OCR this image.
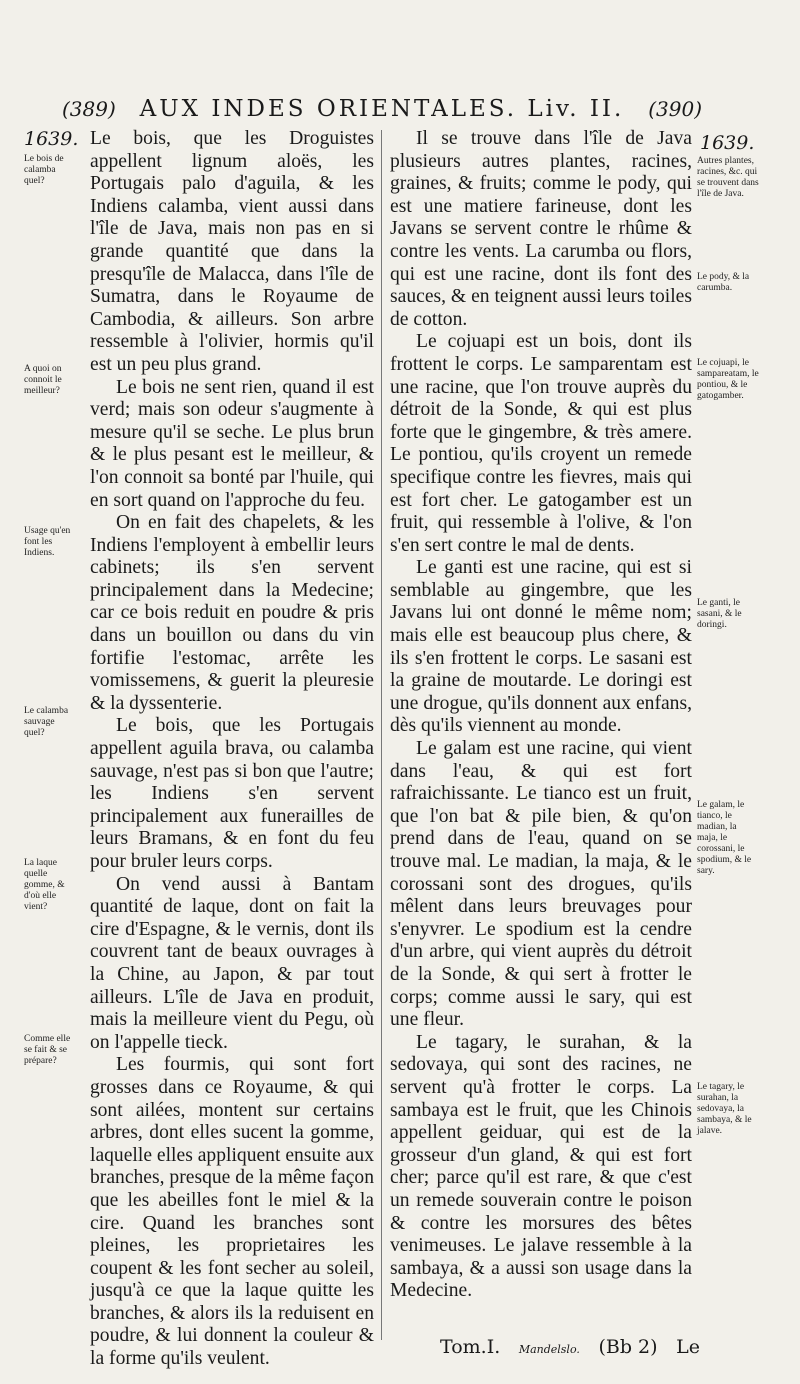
(389) AUX INDES ORIENTALES. Liv. II. (390)
1639.	1639.
Le bois de calamba quel?
A quoi on connoit le meilleur?
Usage qu'en font les Indiens.
Le calamba sauvage quel?
La laque quelle gomme, & d'où elle vient?
Comme elle se fait & se prépare?
Autres plantes, racines, &c. qui se trouvent dans l'île de Java.
Le pody, & la carumba.
Le cojuapi, le sampareatam, le pontiou, & le gatogamber.
Le ganti, le sasani, & le doringi.
Le galam, le tianco, le madian, la maja, le corossani, le spodium, & le sary.
Le tagary, le surahan, la sedovaya, la sambaya, & le jalave.

Le bois, que les Droguistes appellent lignum aloës, les Portugais palo d'aguila, & les Indiens calamba, vient aussi dans l'île de Java, mais non pas en si grande quantité que dans la presqu'île de Malacca, dans l'île de Sumatra, dans le Royaume de Cambodia, & ailleurs. Son arbre ressemble à l'olivier, hormis qu'il est un peu plus grand.

Le bois ne sent rien, quand il est verd; mais son odeur s'augmente à mesure qu'il se seche. Le plus brun & le plus pesant est le meilleur, & l'on connoit sa bonté par l'huile, qui en sort quand on l'approche du feu.

On en fait des chapelets, & les Indiens l'employent à embellir leurs cabinets; ils s'en servent principalement dans la Medecine; car ce bois reduit en poudre & pris dans un bouillon ou dans du vin fortifie l'estomac, arrête les vomissemens, & guerit la pleuresie & la dyssenterie.

Le bois, que les Portugais appellent aguila brava, ou calamba sauvage, n'est pas si bon que l'autre; les Indiens s'en servent principalement aux funerailles de leurs Bramans, & en font du feu pour bruler leurs corps.

On vend aussi à Bantam quantité de laque, dont on fait la cire d'Espagne, & le vernis, dont ils couvrent tant de beaux ouvrages à la Chine, au Japon, & par tout ailleurs. L'île de Java en produit, mais la meilleure vient du Pegu, où on l'appelle tieck.

Les fourmis, qui sont fort grosses dans ce Royaume, & qui sont ailées, montent sur certains arbres, dont elles sucent la gomme, laquelle elles appliquent ensuite aux branches, presque de la même façon que les abeilles font le miel & la cire. Quand les branches sont pleines, les proprietaires les coupent & les font secher au soleil, jusqu'à ce que la laque quitte les branches, & alors ils la reduisent en poudre, & lui donnent la couleur & la forme qu'ils veulent.

Il se trouve dans l'île de Java plusieurs autres plantes, racines, graines, & fruits; comme le pody, qui est une matiere farineuse, dont les Javans se servent contre le rhûme & contre les vents. La carumba ou flors, qui est une racine, dont ils font des sauces, & en teignent aussi leurs toiles de cotton.

Le cojuapi est un bois, dont ils frottent le corps. Le samparentam est une racine, que l'on trouve auprès du détroit de la Sonde, & qui est plus forte que le gingembre, & très amere. Le pontiou, qu'ils croyent un remede specifique contre les fievres, mais qui est fort cher. Le gatogamber est un fruit, qui ressemble à l'olive, & l'on s'en sert contre le mal de dents.

Le ganti est une racine, qui est si semblable au gingembre, que les Javans lui ont donné le même nom; mais elle est beaucoup plus chere, & ils s'en frottent le corps. Le sasani est la graine de moutarde. Le doringi est une drogue, qu'ils donnent aux enfans, dès qu'ils viennent au monde.

Le galam est une racine, qui vient dans l'eau, & qui est fort rafraichissante. Le tianco est un fruit, que l'on bat & pile bien, & qu'on prend dans de l'eau, quand on se trouve mal. Le madian, la maja, & le corossani sont des drogues, qu'ils mêlent dans leurs breuvages pour s'enyvrer. Le spodium est la cendre d'un arbre, qui vient auprès du détroit de la Sonde, & qui sert à frotter le corps; comme aussi le sary, qui est une fleur.

Le tagary, le surahan, & la sedovaya, qui sont des racines, ne servent qu'à frotter le corps. La sambaya est le fruit, que les Chinois appellent geiduar, qui est de la grosseur d'un gland, & qui est fort cher; parce qu'il est rare, & que c'est un remede souverain contre le poison & contre les morsures des bêtes venimeuses. Le jalave ressemble à la sambaya, & a aussi son usage dans la Medecine.

Tom.I. Mandelslo. (Bb 2) Le
